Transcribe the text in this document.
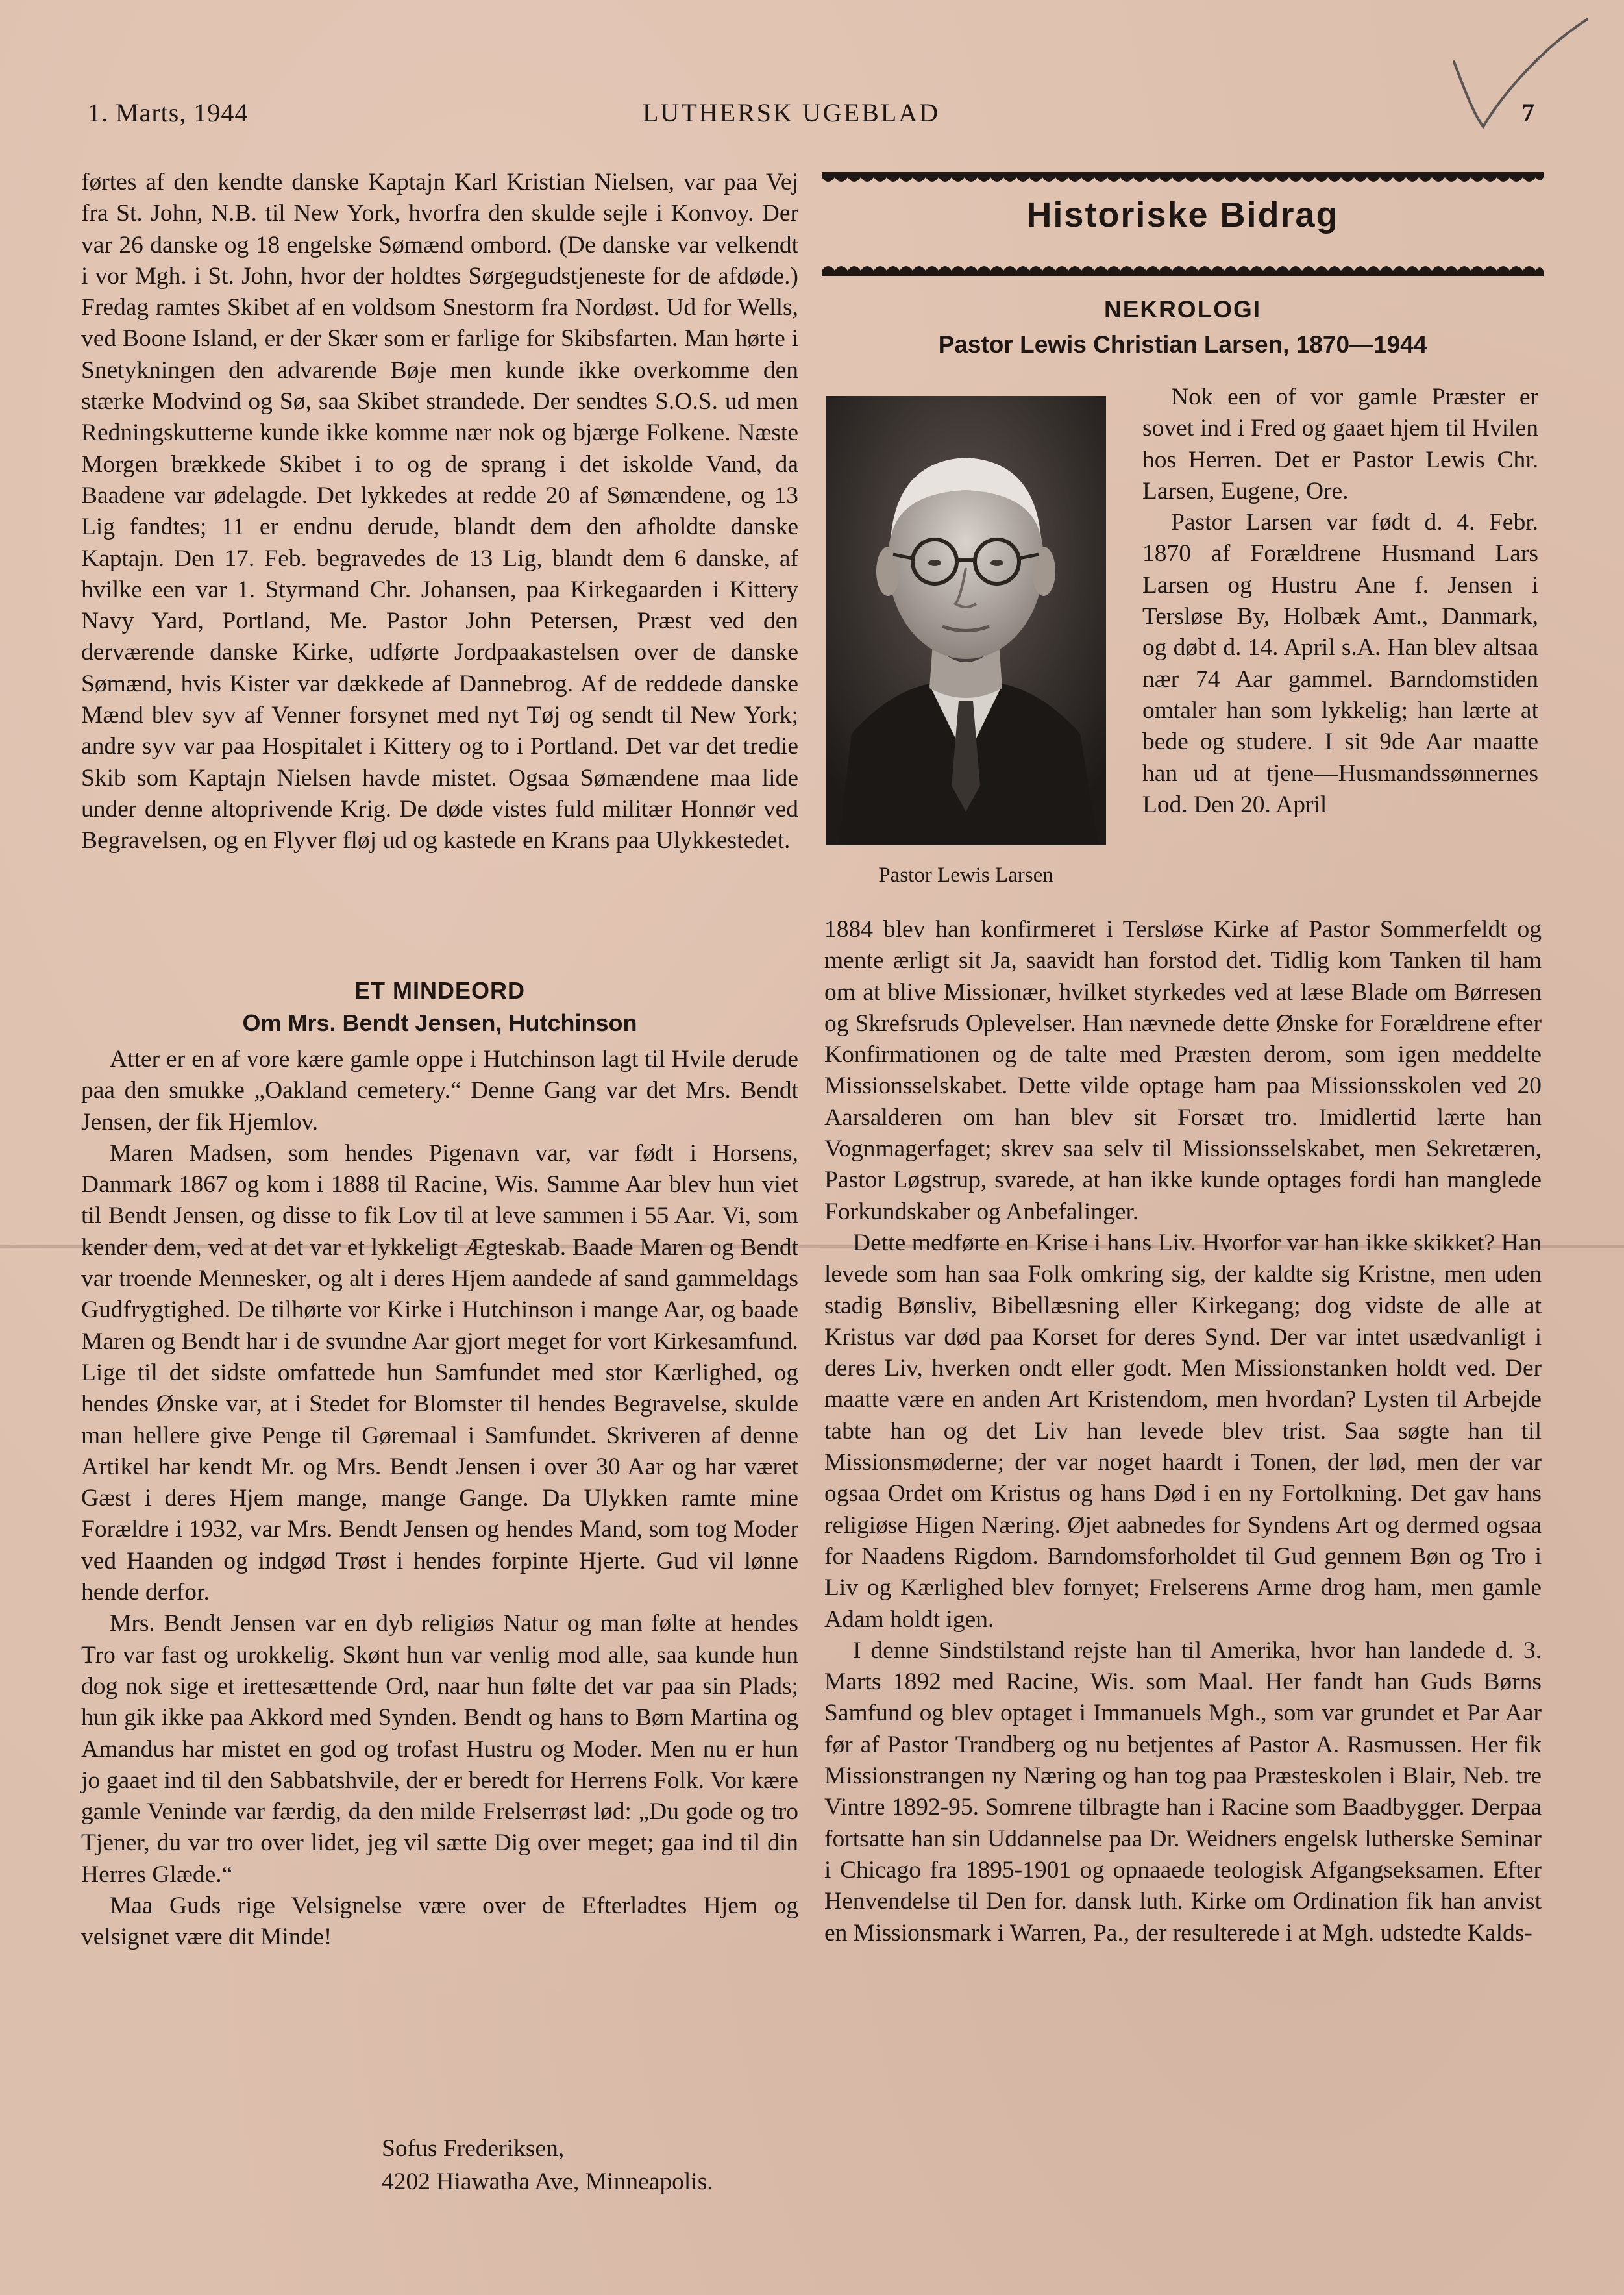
1. Marts, 1944	LUTHERSK UGEBLAD	7

førtes af den kendte danske Kaptajn Karl Kristian Nielsen, var paa Vej fra St. John, N.B. til New York, hvorfra den skulde sejle i Konvoy. Der var 26 danske og 18 engelske Sømænd ombord. (De danske var velkendt i vor Mgh. i St. John, hvor der holdtes Sørgegudstjeneste for de afdøde.) Fredag ramtes Skibet af en voldsom Snestorm fra Nordøst. Ud for Wells, ved Boone Island, er der Skær som er farlige for Skibsfarten. Man hørte i Snetykningen den advarende Bøje men kunde ikke overkomme den stærke Modvind og Sø, saa Skibet strandede. Der sendtes S.O.S. ud men Redningskutterne kunde ikke komme nær nok og bjærge Folkene. Næste Morgen brækkede Skibet i to og de sprang i det iskolde Vand, da Baadene var ødelagde. Det lykkedes at redde 20 af Sømændene, og 13 Lig fandtes; 11 er endnu derude, blandt dem den afholdte danske Kaptajn. Den 17. Feb. begravedes de 13 Lig, blandt dem 6 danske, af hvilke een var 1. Styrmand Chr. Johansen, paa Kirkegaarden i Kittery Navy Yard, Portland, Me. Pastor John Petersen, Præst ved den derværende danske Kirke, udførte Jordpaakastelsen over de danske Sømænd, hvis Kister var dækkede af Dannebrog. Af de reddede danske Mænd blev syv af Venner forsynet med nyt Tøj og sendt til New York; andre syv var paa Hospitalet i Kittery og to i Portland. Det var det tredie Skib som Kaptajn Nielsen havde mistet. Ogsaa Sømændene maa lide under denne altoprivende Krig. De døde vistes fuld militær Honnør ved Begravelsen, og en Flyver fløj ud og kastede en Krans paa Ulykkestedet.

ET MINDEORD
Om Mrs. Bendt Jensen, Hutchinson

Atter er en af vore kære gamle oppe i Hutchinson lagt til Hvile derude paa den smukke „Oakland cemetery.“ Denne Gang var det Mrs. Bendt Jensen, der fik Hjemlov.

Maren Madsen, som hendes Pigenavn var, var født i Horsens, Danmark 1867 og kom i 1888 til Racine, Wis. Samme Aar blev hun viet til Bendt Jensen, og disse to fik Lov til at leve sammen i 55 Aar. Vi, som kender dem, ved at det var et lykkeligt Ægteskab. Baade Maren og Bendt var troende Mennesker, og alt i deres Hjem aandede af sand gammeldags Gudfrygtighed. De tilhørte vor Kirke i Hutchinson i mange Aar, og baade Maren og Bendt har i de svundne Aar gjort meget for vort Kirkesamfund. Lige til det sidste omfattede hun Samfundet med stor Kærlighed, og hendes Ønske var, at i Stedet for Blomster til hendes Begravelse, skulde man hellere give Penge til Gøremaal i Samfundet. Skriveren af denne Artikel har kendt Mr. og Mrs. Bendt Jensen i over 30 Aar og har været Gæst i deres Hjem mange, mange Gange. Da Ulykken ramte mine Forældre i 1932, var Mrs. Bendt Jensen og hendes Mand, som tog Moder ved Haanden og indgød Trøst i hendes forpinte Hjerte. Gud vil lønne hende derfor.

Mrs. Bendt Jensen var en dyb religiøs Natur og man følte at hendes Tro var fast og urokkelig. Skønt hun var venlig mod alle, saa kunde hun dog nok sige et irettesættende Ord, naar hun følte det var paa sin Plads; hun gik ikke paa Akkord med Synden. Bendt og hans to Børn Martina og Amandus har mistet en god og trofast Hustru og Moder. Men nu er hun jo gaaet ind til den Sabbatshvile, der er beredt for Herrens Folk. Vor kære gamle Veninde var færdig, da den milde Frelserrøst lød: „Du gode og tro Tjener, du var tro over lidet, jeg vil sætte Dig over meget; gaa ind til din Herres Glæde.“

Maa Guds rige Velsignelse være over de Efterladtes Hjem og velsignet være dit Minde!

Sofus Frederiksen,
4202 Hiawatha Ave, Minneapolis.
Historiske Bidrag
NEKROLOGI
Pastor Lewis Christian Larsen, 1870—1944
Pastor Lewis Larsen

Nok een of vor gamle Præster er sovet ind i Fred og gaaet hjem til Hvilen hos Herren. Det er Pastor Lewis Chr. Larsen, Eugene, Ore.

Pastor Larsen var født d. 4. Febr. 1870 af Forældrene Husmand Lars Larsen og Hustru Ane f. Jensen i Tersløse By, Holbæk Amt., Danmark, og døbt d. 14. April s.A. Han blev altsaa nær 74 Aar gammel. Barndomstiden omtaler han som lykkelig; han lærte at bede og studere. I sit 9de Aar maatte han ud at tjene—Husmandssønnernes Lod. Den 20. April

1884 blev han konfirmeret i Tersløse Kirke af Pastor Sommerfeldt og mente ærligt sit Ja, saavidt han forstod det. Tidlig kom Tanken til ham om at blive Missionær, hvilket styrkedes ved at læse Blade om Børresen og Skrefsruds Oplevelser. Han nævnede dette Ønske for Forældrene efter Konfirmationen og de talte med Præsten derom, som igen meddelte Missionsselskabet. Dette vilde optage ham paa Missionsskolen ved 20 Aarsalderen om han blev sit Forsæt tro. Imidlertid lærte han Vognmagerfaget; skrev saa selv til Missionsselskabet, men Sekretæren, Pastor Løgstrup, svarede, at han ikke kunde optages fordi han manglede Forkundskaber og Anbefalinger.

Dette medførte en Krise i hans Liv. Hvorfor var han ikke skikket? Han levede som han saa Folk omkring sig, der kaldte sig Kristne, men uden stadig Bønsliv, Bibellæsning eller Kirkegang; dog vidste de alle at Kristus var død paa Korset for deres Synd. Der var intet usædvanligt i deres Liv, hverken ondt eller godt. Men Missionstanken holdt ved. Der maatte være en anden Art Kristendom, men hvordan? Lysten til Arbejde tabte han og det Liv han levede blev trist. Saa søgte han til Missionsmøderne; der var noget haardt i Tonen, der lød, men der var ogsaa Ordet om Kristus og hans Død i en ny Fortolkning. Det gav hans religiøse Higen Næring. Øjet aabnedes for Syndens Art og dermed ogsaa for Naadens Rigdom. Barndomsforholdet til Gud gennem Bøn og Tro i Liv og Kærlighed blev fornyet; Frelserens Arme drog ham, men gamle Adam holdt igen.

I denne Sindstilstand rejste han til Amerika, hvor han landede d. 3. Marts 1892 med Racine, Wis. som Maal. Her fandt han Guds Børns Samfund og blev optaget i Immanuels Mgh., som var grundet et Par Aar før af Pastor Trandberg og nu betjentes af Pastor A. Rasmussen. Her fik Missionstrangen ny Næring og han tog paa Præsteskolen i Blair, Neb. tre Vintre 1892-95. Somrene tilbragte han i Racine som Baadbygger. Derpaa fortsatte han sin Uddannelse paa Dr. Weidners engelsk lutherske Seminar i Chicago fra 1895-1901 og opnaaede teologisk Afgangseksamen. Efter Henvendelse til Den for. dansk luth. Kirke om Ordination fik han anvist en Missionsmark i Warren, Pa., der resulterede i at Mgh. udstedte Kalds-
